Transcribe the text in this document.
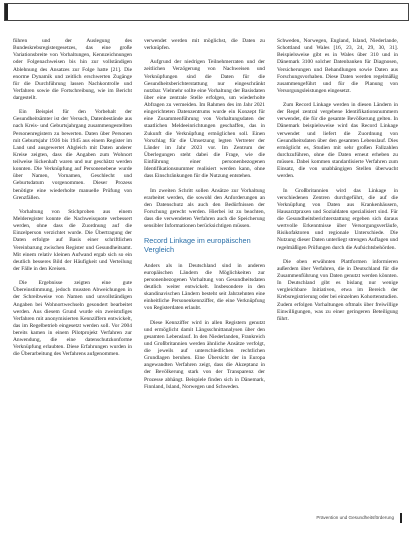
führen und der Auslegung des Bundeskrebsregistergesetzes, das eine große Variationsbreite von Vorhaltungen, Kennzeichnungen oder Folgenachweisen bis hin zur vollständigen Ablehnung des Ansatzes zur Folge hatte [21]. Die enorme Dynamik und zeitlich erschwerten Zugänge für die Durchführung lassen Nachkontrolle und Verfahren sowie die Fortschreibung, wie im Bericht dargestellt.

Ein Beispiel für den Vorbehalt der Gesundheitsämter ist der Versuch, Datenbestände aus nach Kreis- und Geburtsjahrgang zusammengestellten Personenregistern zu bewerten. Daten über Personen mit Geburtsjahr 1936 bis 1945 aus einem Register im Land und ausgewertet Abgleich mit Daten anderer Kreise zeigten, dass die Angaben zum Wohnort teilweise lückenhaft waren und nur geschätzt werden konnten. Die Verknüpfung auf Personenebene wurde über Namen, Vornamen, Geschlecht und Geburtsdatum vorgenommen. Dieser Prozess benötigte eine wiederholte manuelle Prüfung von Grenzfällen.

Vorhaltung von Stichproben aus einem Melderegister konnte die Nachweisquote verbessert werden, ohne dass die Zuordnung auf die Einzelperson verzichtet wurde. Die Übertragung der Daten erfolgte auf Basis einer schriftlichen Vereinbarung zwischen Register und Gesundheitsamt. Mit einem relativ kleinen Aufwand ergab sich so ein deutlich besseres Bild der Häufigkeit und Verteilung der Fälle in den Kreisen.

Die Ergebnisse zeigten eine gute Übereinstimmung, jedoch mussten Abweichungen in der Schreibweise von Namen und unvollständigen Angaben bei Wohnortwechseln gesondert bearbeitet werden. Aus diesem Grund wurde ein zweistufiges Verfahren mit anonymisierten Kennziffern entwickelt, das im Regelbetrieb eingesetzt werden soll. Vor 2004 bereits kamen in einem Pilotprojekt Verfahren zur Anwendung, die eine datenschutzkonforme Verknüpfung erlaubten. Diese Erfahrungen wurden in die Überarbeitung des Verfahrens aufgenommen.

verwendet werden mit möglichst, die Daten zu verknüpfen.

Aufgrund der niedrigen Teilnehmerraten und der zeitlichen Verzögerung von Nachweisen und Verknüpfungen sind die Daten für die Gesundheitsberichterstattung nur eingeschränkt nutzbar. Vielmehr sollte eine Vorhaltung der Basisdaten über eine zentrale Stelle erfolgen, um wiederholte Abfragen zu vermeiden. Im Rahmen des im Jahr 2021 eingerichteten Datenzentrums wurde ein Konzept für eine Zusammenführung von Vorhaltungsdaten der staatlichen Meldeeinrichtungen geschaffen, das in Zukunft die Verknüpfung ermöglichen soll. Einen Vorschlag für die Umsetzung legten Vertreter der Länder im Jahr 2023 vor. Im Zentrum der Überlegungen steht dabei die Frage, wie die Einführung einer personenbezogenen Identifikationsnummer realisiert werden kann, ohne dass Einschränkungen für die Nutzung entstehen.

Im zweiten Schritt sollen Ansätze zur Vorhaltung erarbeitet werden, die sowohl den Anforderungen an den Datenschutz als auch den Bedürfnissen der Forschung gerecht werden. Hierbei ist zu beachten, dass die verwendeten Verfahren auch die Speicherung sensibler Informationen berücksichtigen müssen.

Record Linkage im europäischen Vergleich

Anders als in Deutschland sind in anderen europäischen Ländern die Möglichkeiten zur personenbezogenen Vorhaltung von Gesundheitsdaten deutlich weiter entwickelt. Insbesondere in den skandinavischen Ländern besteht seit Jahrzehnten eine einheitliche Personenkennziffer, die eine Verknüpfung von Registerdaten erlaubt.

Diese Kennziffer wird in allen Registern genutzt und ermöglicht damit Längsschnittanalysen über den gesamten Lebenslauf. In den Niederlanden, Frankreich und Großbritannien werden ähnliche Ansätze verfolgt, die jeweils auf unterschiedlichen rechtlichen Grundlagen beruhen. Eine Übersicht der in Europa angewandten Verfahren zeigt, dass die Akzeptanz in der Bevölkerung stark von der Transparenz der Prozesse abhängt. Beispiele finden sich in Dänemark, Finnland, Island, Norwegen und Schweden.

Schweden, Norwegen, England, Island, Niederlande, Schottland und Wales [16, 23, 24, 29, 30, 31]. Beispielsweise gibt es in Wales über 310 und in Dänemark 3100 solcher Datenbanken für Diagnosen, Versicherungen und Behandlungen sowie Daten aus Forschungsvorhaben. Diese Daten werden regelmäßig zusammengeführt und für die Planung von Versorgungsleistungen eingesetzt.

Zum Record Linkage werden in diesen Ländern in der Regel zentral vergebene Identifikationsnummern verwendet, die für die gesamte Bevölkerung gelten. In Dänemark beispielsweise wird das Record Linkage verwendet und liefert die Zuordnung von Gesundheitsdaten über den gesamten Lebenslauf. Dies ermöglicht es, Studien mit sehr großen Fallzahlen durchzuführen, ohne die Daten erneut erheben zu müssen. Dabei kommen standardisierte Verfahren zum Einsatz, die von unabhängigen Stellen überwacht werden.

In Großbritannien wird das Linkage in verschiedenen Zentren durchgeführt, die auf die Verknüpfung von Daten aus Krankenhäusern, Hausarztpraxen und Sozialdaten spezialisiert sind. Für die Gesundheitsberichterstattung ergeben sich daraus wertvolle Erkenntnisse über Versorgungsverläufe, Risikofaktoren und regionale Unterschiede. Die Nutzung dieser Daten unterliegt strengen Auflagen und regelmäßigen Prüfungen durch die Aufsichtsbehörden.

Die oben erwähnten Plattformen informieren außerdem über Verfahren, die in Deutschland für die Zusammenführung von Daten genutzt werden könnten. In Deutschland gibt es bislang nur wenige vergleichbare Initiativen, etwa im Bereich der Krebsregistrierung oder bei einzelnen Kohortenstudien. Zudem erfolgen Vorhaltungen oftmals über freiwillige Einwilligungen, was zu einer geringeren Beteiligung führt.

Prävention und Gesundheitsförderung
